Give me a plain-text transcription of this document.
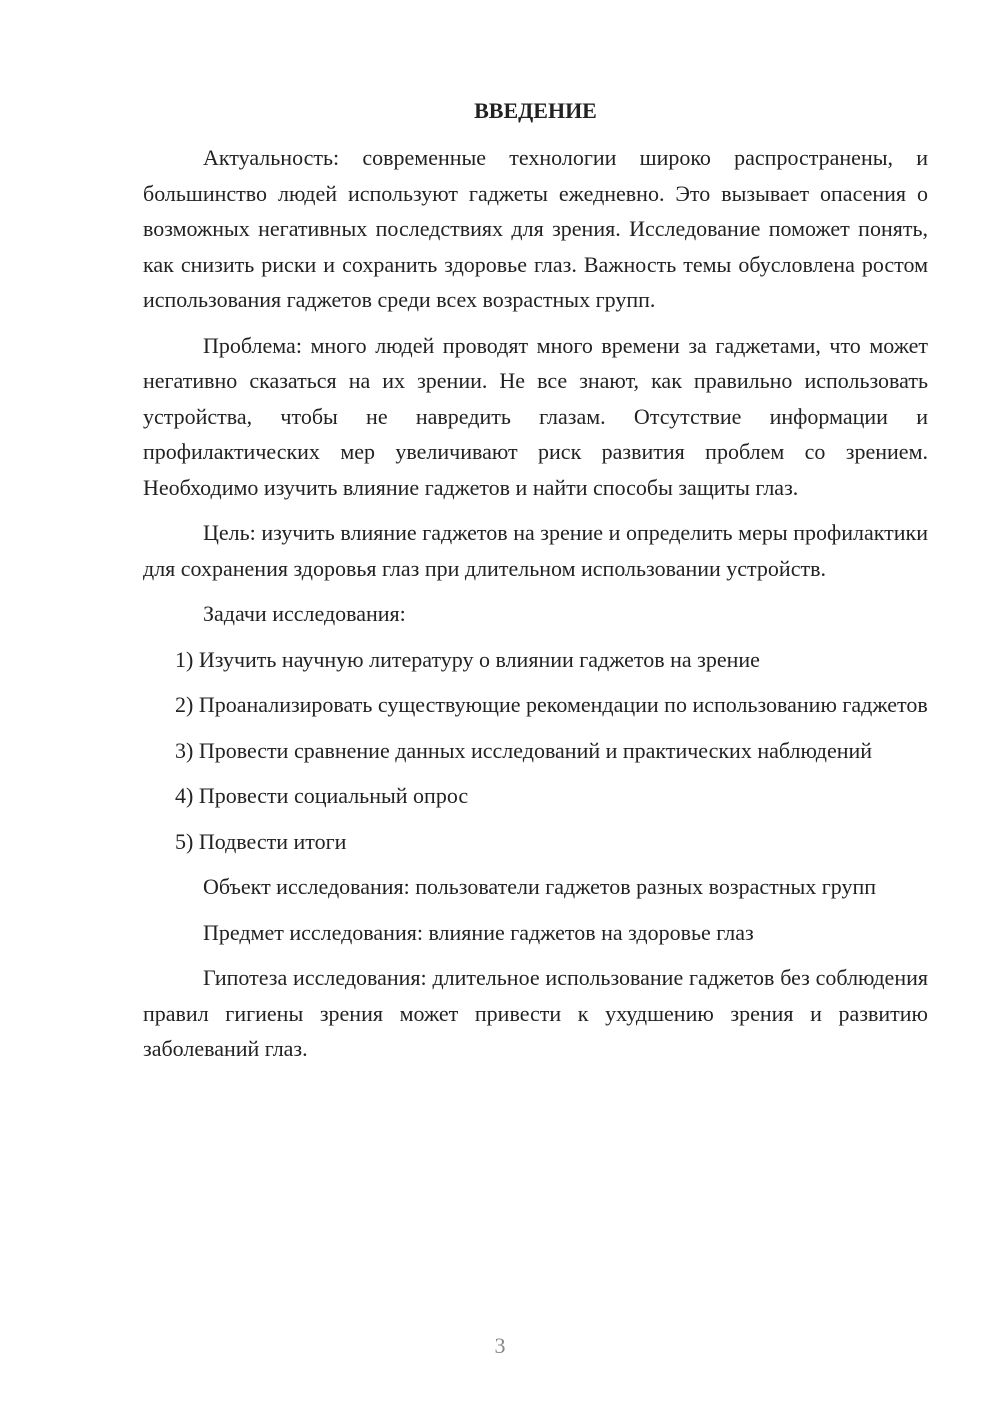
ВВЕДЕНИЕ

Актуальность: современные технологии широко распространены, и большинство людей используют гаджеты ежедневно. Это вызывает опасения о возможных негативных последствиях для зрения. Исследование поможет понять, как снизить риски и сохранить здоровье глаз. Важность темы обусловлена ростом использования гаджетов среди всех возрастных групп.

Проблема: много людей проводят много времени за гаджетами, что может негативно сказаться на их зрении. Не все знают, как правильно использовать устройства, чтобы не навредить глазам. Отсутствие информации и профилактических мер увеличивают риск развития проблем со зрением. Необходимо изучить влияние гаджетов и найти способы защиты глаз.

Цель: изучить влияние гаджетов на зрение и определить меры профилактики для сохранения здоровья глаз при длительном использовании устройств.

Задачи исследования:

1) Изучить научную литературу о влиянии гаджетов на зрение

2) Проанализировать существующие рекомендации по использованию гаджетов

3) Провести сравнение данных исследований и практических наблюдений

4) Провести социальный опрос

5) Подвести итоги

Объект исследования: пользователи гаджетов разных возрастных групп

Предмет исследования: влияние гаджетов на здоровье глаз

Гипотеза исследования: длительное использование гаджетов без соблюдения правил гигиены зрения может привести к ухудшению зрения и развитию заболеваний глаз.

3
